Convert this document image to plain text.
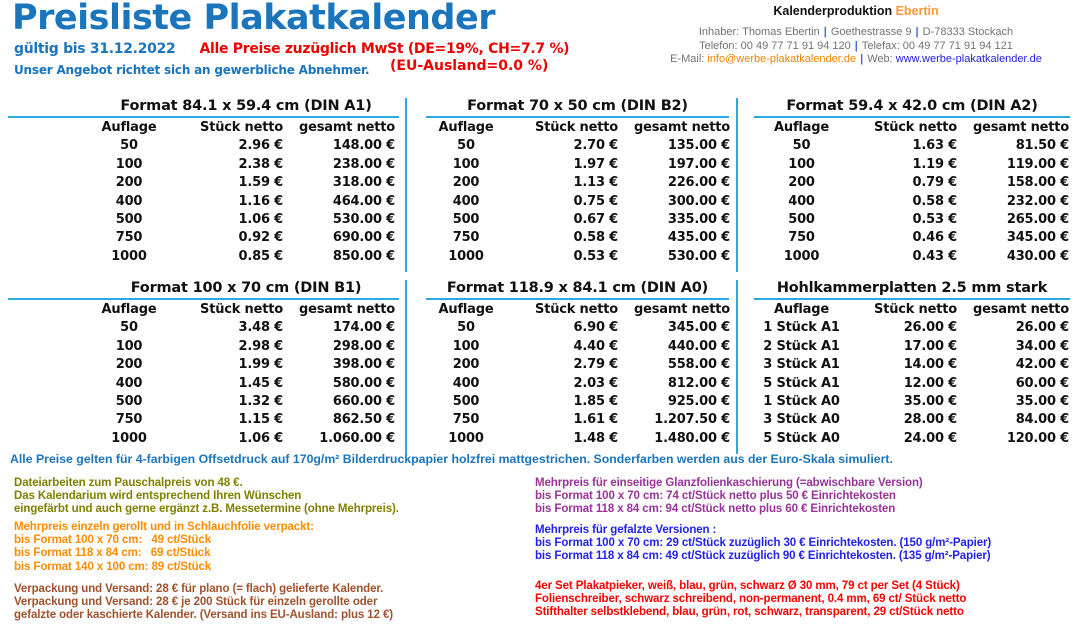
Preisliste Plakatkalender
gültig bis 31.12.2022 Alle Preise zuzüglich MwSt (DE=19%, CH=7.7 %)
Unser Angebot richtet sich an gewerbliche Abnehmer. (EU-Ausland=0.0 %)
Kalenderproduktion Ebertin
Inhaber: Thomas Ebertin | Goethestrasse 9 | D-78333 Stockach
Telefon: 00 49 77 71 91 94 120 | Telefax: 00 49 77 71 91 94 121
E-Mail: info@werbe-plakatkalender.de | Web: www.werbe-plakatkalender.de
Format 84.1 x 59.4 cm (DIN A1)
Auflage	Stück netto	gesamt netto
50	2.96 €	148.00 €
100	2.38 €	238.00 €
200	1.59 €	318.00 €
400	1.16 €	464.00 €
500	1.06 €	530.00 €
750	0.92 €	690.00 €
1000	0.85 €	850.00 €
Format 70 x 50 cm (DIN B2)
Auflage	Stück netto	gesamt netto
50	2.70 €	135.00 €
100	1.97 €	197.00 €
200	1.13 €	226.00 €
400	0.75 €	300.00 €
500	0.67 €	335.00 €
750	0.58 €	435.00 €
1000	0.53 €	530.00 €
Format 59.4 x 42.0 cm (DIN A2)
Auflage	Stück netto	gesamt netto
50	1.63 €	81.50 €
100	1.19 €	119.00 €
200	0.79 €	158.00 €
400	0.58 €	232.00 €
500	0.53 €	265.00 €
750	0.46 €	345.00 €
1000	0.43 €	430.00 €
Format 100 x 70 cm (DIN B1)
Auflage	Stück netto	gesamt netto
50	3.48 €	174.00 €
100	2.98 €	298.00 €
200	1.99 €	398.00 €
400	1.45 €	580.00 €
500	1.32 €	660.00 €
750	1.15 €	862.50 €
1000	1.06 €	1.060.00 €
Format 118.9 x 84.1 cm (DIN A0)
Auflage	Stück netto	gesamt netto
50	6.90 €	345.00 €
100	4.40 €	440.00 €
200	2.79 €	558.00 €
400	2.03 €	812.00 €
500	1.85 €	925.00 €
750	1.61 €	1.207.50 €
1000	1.48 €	1.480.00 €
Hohlkammerplatten 2.5 mm stark
Auflage	Stück netto	gesamt netto
1 Stück A1	26.00 €	26.00 €
2 Stück A1	17.00 €	34.00 €
3 Stück A1	14.00 €	42.00 €
5 Stück A1	12.00 €	60.00 €
1 Stück A0	35.00 €	35.00 €
3 Stück A0	28.00 €	84.00 €
5 Stück A0	24.00 €	120.00 €
Alle Preise gelten für 4-farbigen Offsetdruck auf 170g/m² Bilderdruckpapier holzfrei mattgestrichen. Sonderfarben werden aus der Euro-Skala simuliert.
Dateiarbeiten zum Pauschalpreis von 48 €.
Das Kalendarium wird entsprechend Ihren Wünschen
eingefärbt und auch gerne ergänzt z.B. Messetermine (ohne Mehrpreis).
Mehrpreis einzeln gerollt und in Schlauchfolie verpackt:
bis Format 100 x 70 cm:   49 ct/Stück
bis Format 118 x 84 cm:   69 ct/Stück
bis Format 140 x 100 cm: 89 ct/Stück
Verpackung und Versand: 28 € für plano (= flach) gelieferte Kalender.
Verpackung und Versand: 28 € je 200 Stück für einzeln gerollte oder
gefalzte oder kaschierte Kalender. (Versand ins EU-Ausland: plus 12 €)
Mehrpreis für einseitige Glanzfolienkaschierung (=abwischbare Version)
bis Format 100 x 70 cm: 74 ct/Stück netto plus 50 € Einrichtekosten
bis Format 118 x 84 cm: 94 ct/Stück netto plus 60 € Einrichtekosten
Mehrpreis für gefalzte Versionen :
bis Format 100 x 70 cm: 29 ct/Stück zuzüglich 30 € Einrichtekosten. (150 g/m²-Papier)
bis Format 118 x 84 cm: 49 ct/Stück zuzüglich 90 € Einrichtekosten. (135 g/m²-Papier)
4er Set Plakatpieker, weiß, blau, grün, schwarz Ø 30 mm, 79 ct per Set (4 Stück)
Folienschreiber, schwarz schreibend, non-permanent, 0.4 mm, 69 ct/ Stück netto
Stifthalter selbstklebend, blau, grün, rot, schwarz, transparent, 29 ct/Stück netto
